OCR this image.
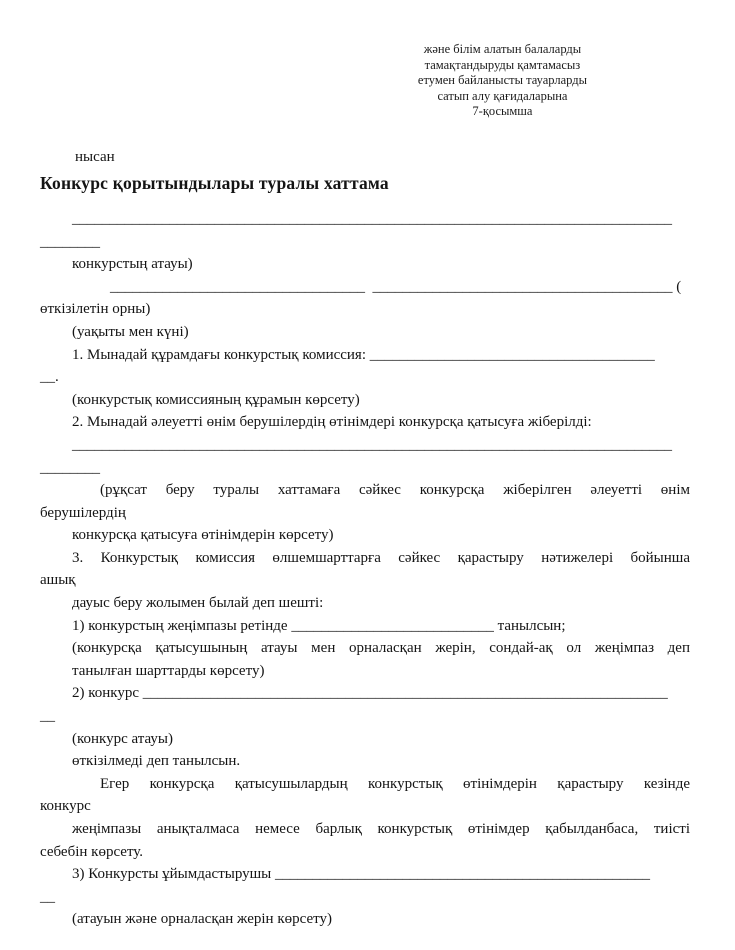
және білім алатын балаларды
тамақтандыруды қамтамасыз
етумен байланысты тауарларды
сатып алу қағидаларына
7-қосымша
нысан
Конкурс қорытындылары туралы хаттама
________________________________________________________________________________
________
конкурстың атауы)
__________________________________  ________________________________________ (
өткізілетін орны)
(уақыты мен күні)
1. Мынадай құрамдағы конкурстық комиссия: ______________________________________
__.
(конкурстық комиссияның құрамын көрсету)
2. Мынадай әлеуетті өнім берушілердің өтінімдері конкурсқа қатысуға жіберілді:
________________________________________________________________________________
________
(рұқсат беру туралы хаттамаға сәйкес конкурсқа жіберілген әлеуетті өнім
берушілердің
конкурсқа қатысуға өтінімдерін көрсету)
3. Конкурстық комиссия өлшемшарттарға сәйкес қарастыру нәтижелері бойынша
ашық
дауыс беру жолымен былай деп шешті:
1) конкурстың жеңімпазы ретінде ___________________________ танылсын;
(конкурсқа қатысушының атауы мен орналасқан жерін, сондай-ақ ол жеңімпаз деп
танылған шарттарды көрсету)
2) конкурс ______________________________________________________________________
__
(конкурс атауы)
өткізілмеді деп танылсын.
Егер конкурсқа қатысушылардың конкурстық өтінімдерін қарастыру кезінде
конкурс
жеңімпазы анықталмаса немесе барлық конкурстық өтінімдер қабылданбаса, тиісті
себебін көрсету.
3) Конкурсты ұйымдастырушы __________________________________________________
__
(атауын және орналасқан жерін көрсету)
